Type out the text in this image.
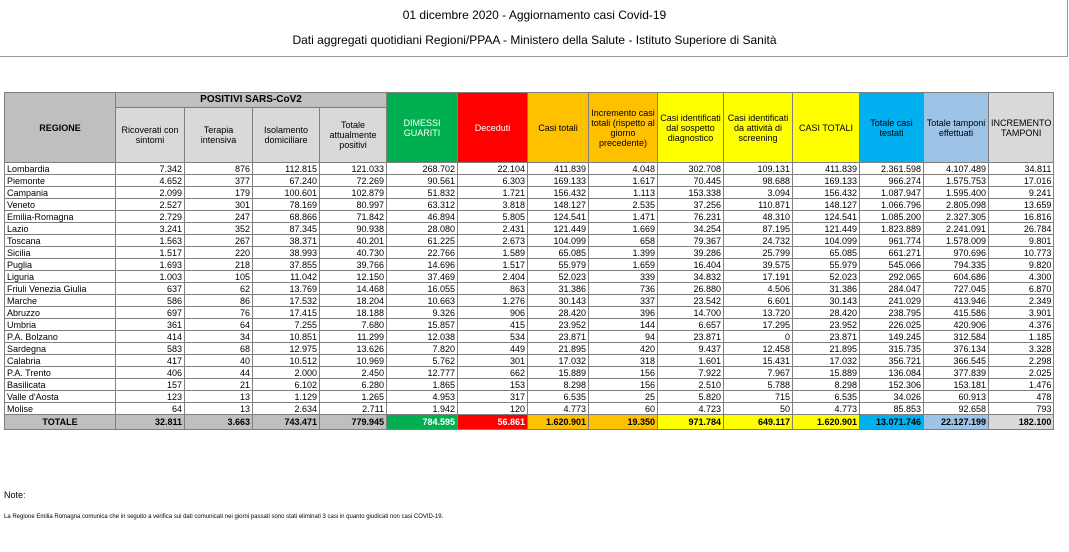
01 dicembre 2020 - Aggiornamento casi Covid-19
Dati aggregati quotidiani Regioni/PPAA - Ministero della Salute - Istituto Superiore di Sanità
REGIONE	POSITIVI SARS-CoV2				DIMESSI GUARITI	Deceduti	Casi totali	Incremento casi totali (rispetto al giorno precedente)	Casi identificati dal sospetto diagnostico	Casi identificati da attività di screening	CASI TOTALI	Totale casi testati	Totale tamponi effettuati	INCREMENTO TAMPONI
	Ricoverati con sintomi	Terapia intensiva	Isolamento domiciliare	Totale attualmente positivi										
Lombardia	7.342	876	112.815	121.033	268.702	22.104	411.839	4.048	302.708	109.131	411.839	2.361.598	4.107.489	34.811
Piemonte	4.652	377	67.240	72.269	90.561	6.303	169.133	1.617	70.445	98.688	169.133	966.274	1.575.753	17.016
Campania	2.099	179	100.601	102.879	51.832	1.721	156.432	1.113	153.338	3.094	156.432	1.087.947	1.595.400	9.241
Veneto	2.527	301	78.169	80.997	63.312	3.818	148.127	2.535	37.256	110.871	148.127	1.066.796	2.805.098	13.659
Emilia-Romagna	2.729	247	68.866	71.842	46.894	5.805	124.541	1.471	76.231	48.310	124.541	1.085.200	2.327.305	16.816
Lazio	3.241	352	87.345	90.938	28.080	2.431	121.449	1.669	34.254	87.195	121.449	1.823.889	2.241.091	26.784
Toscana	1.563	267	38.371	40.201	61.225	2.673	104.099	658	79.367	24.732	104.099	961.774	1.578.009	9.801
Sicilia	1.517	220	38.993	40.730	22.766	1.589	65.085	1.399	39.286	25.799	65.085	661.271	970.696	10.773
Puglia	1.693	218	37.855	39.766	14.696	1.517	55.979	1.659	16.404	39.575	55.979	545.066	794.335	9.820
Liguria	1.003	105	11.042	12.150	37.469	2.404	52.023	339	34.832	17.191	52.023	292.065	604.686	4.300
Friuli Venezia Giulia	637	62	13.769	14.468	16.055	863	31.386	736	26.880	4.506	31.386	284.047	727.045	6.870
Marche	586	86	17.532	18.204	10.663	1.276	30.143	337	23.542	6.601	30.143	241.029	413.946	2.349
Abruzzo	697	76	17.415	18.188	9.326	906	28.420	396	14.700	13.720	28.420	238.795	415.586	3.901
Umbria	361	64	7.255	7.680	15.857	415	23.952	144	6.657	17.295	23.952	226.025	420.906	4.376
P.A. Bolzano	414	34	10.851	11.299	12.038	534	23.871	94	23.871	0	23.871	149.245	312.584	1.185
Sardegna	583	68	12.975	13.626	7.820	449	21.895	420	9.437	12.458	21.895	315.735	376.134	3.328
Calabria	417	40	10.512	10.969	5.762	301	17.032	318	1.601	15.431	17.032	356.721	366.545	2.298
P.A. Trento	406	44	2.000	2.450	12.777	662	15.889	156	7.922	7.967	15.889	136.084	377.839	2.025
Basilicata	157	21	6.102	6.280	1.865	153	8.298	156	2.510	5.788	8.298	152.306	153.181	1.476
Valle d'Aosta	123	13	1.129	1.265	4.953	317	6.535	25	5.820	715	6.535	34.026	60.913	478
Molise	64	13	2.634	2.711	1.942	120	4.773	60	4.723	50	4.773	85.853	92.658	793
TOTALE	32.811	3.663	743.471	779.945	784.595	56.861	1.620.901	19.350	971.784	649.117	1.620.901	13.071.746	22.127.199	182.100
Note:
La Regione Emilia Romagna comunica che in seguito a verifica sui dati comunicati nei giorni passati sono stati eliminati 3 casi in quanto giudicati non casi COVID-19.
